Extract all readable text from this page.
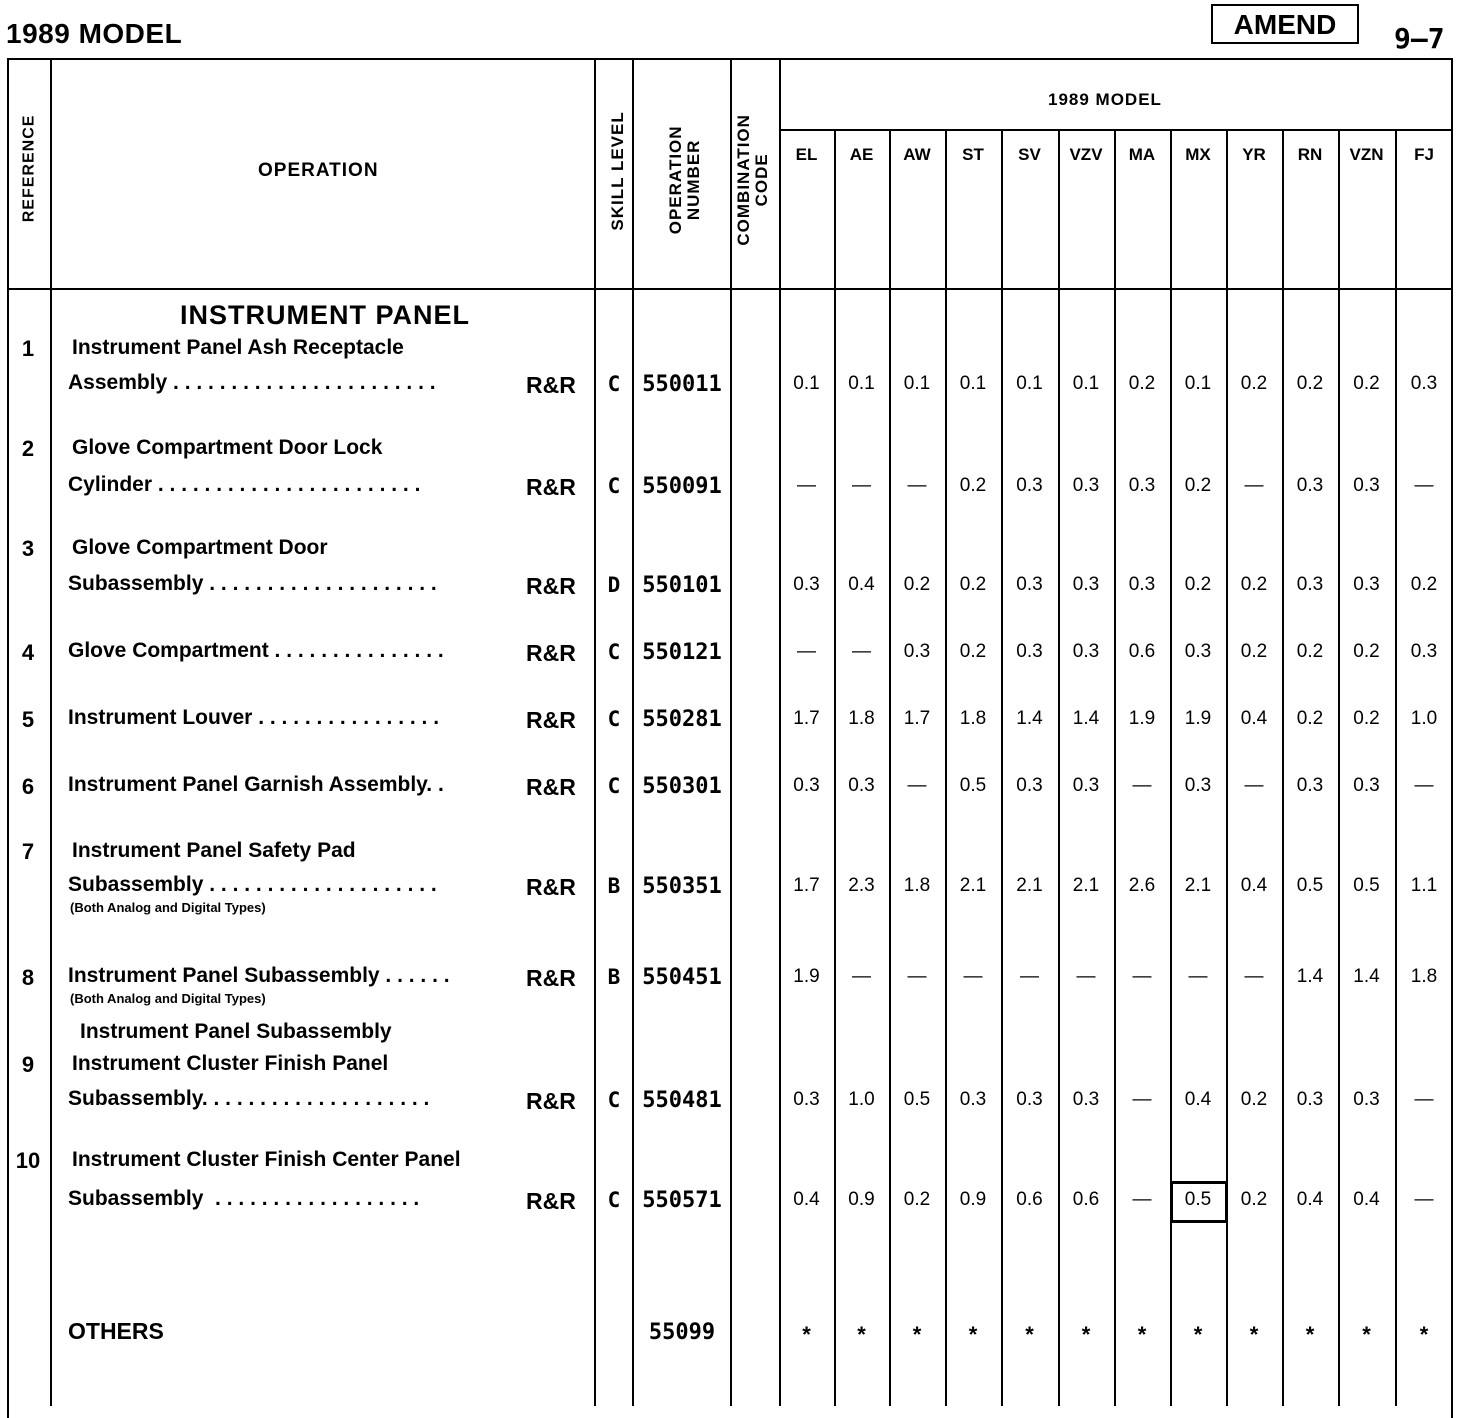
1989 MODEL	AMEND	9–7
REFERENCE	OPERATION	SKILL LEVEL OPERATION
NUMBER COMBINATION
CODE
1989 MODEL
EL	AE	AW	ST	SV	VZV	MA	MX	YR	RN	VZN	FJ
INSTRUMENT PANEL
1	Instrument Panel Ash Receptacle
Assembly . . . . . . . . . . . . . . . . . . . . . . .	R&R	C 550011	0.1	0.1	0.1	0.1	0.1	0.1	0.2	0.1	0.2	0.2	0.2	0.3
2	Glove Compartment Door Lock
Cylinder . . . . . . . . . . . . . . . . . . . . . . .	R&R	C 550091	—	—	—	0.2	0.3	0.3	0.3	0.2	—	0.3	0.3	—
3	Glove Compartment Door
Subassembly . . . . . . . . . . . . . . . . . . . .	R&R	D 550101	0.3	0.4	0.2	0.2	0.3	0.3	0.3	0.2	0.2	0.3	0.3	0.2
4	Glove Compartment . . . . . . . . . . . . . . .	R&R	C 550121	—	—	0.3	0.2	0.3	0.3	0.6	0.3	0.2	0.2	0.2	0.3
5	Instrument Louver . . . . . . . . . . . . . . . .	R&R	C 550281	1.7	1.8	1.7	1.8	1.4	1.4	1.9	1.9	0.4	0.2	0.2	1.0
6	Instrument Panel Garnish Assembly. .	R&R	C 550301	0.3	0.3	—	0.5	0.3	0.3	—	0.3	—	0.3	0.3	—
7	Instrument Panel Safety Pad
Subassembly . . . . . . . . . . . . . . . . . . . .
(Both Analog and Digital Types)
R&R	B 550351	1.7	2.3	1.8	2.1	2.1	2.1	2.6	2.1	0.4	0.5	0.5	1.1
8	Instrument Panel Subassembly . . . . . .
(Both Analog and Digital Types)
R&R	B 550451	1.9	—	—	—	—	—	—	—	—	1.4	1.4	1.8
9
Instrument Panel Subassembly
Instrument Cluster Finish Panel
Subassembly. . . . . . . . . . . . . . . . . . . .	R&R	C 550481	0.3	1.0	0.5	0.3	0.3	0.3	—	0.4	0.2	0.3	0.3	—
10	Instrument Cluster Finish Center Panel
Subassembly  . . . . . . . . . . . . . . . . . .	R&R	C 550571	0.4	0.9	0.2	0.9	0.6	0.6	—	0.5	0.2	0.4	0.4	—
OTHERS	55099	*	*	*	*	*	*	*	*	*	*	*	*
